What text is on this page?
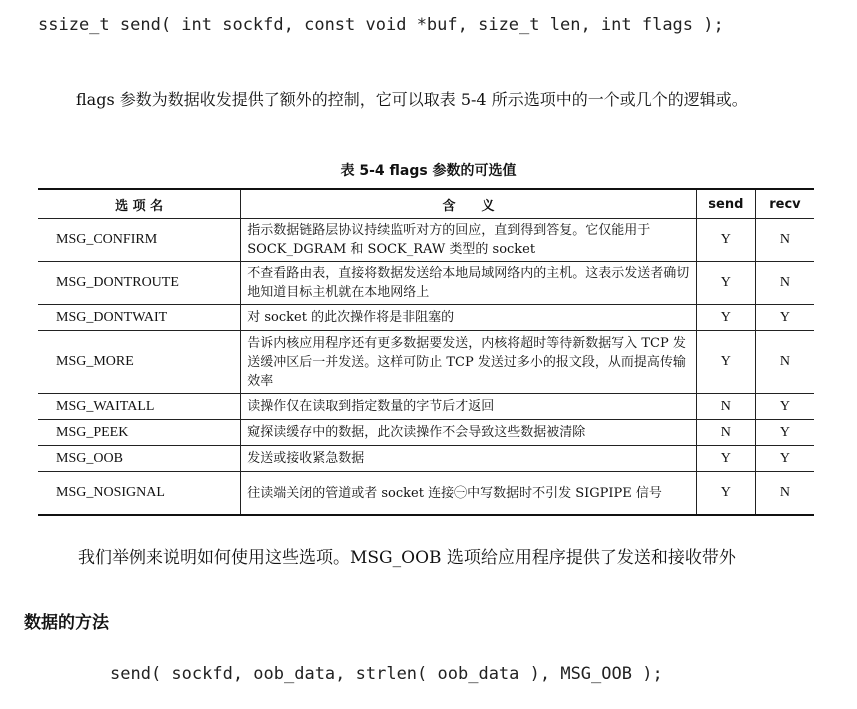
ssize_t send( int sockfd, const void *buf, size_t len, int flags );
flags 参数为数据收发提供了额外的控制，它可以取表 5-4 所示选项中的一个或几个的逻辑或。
表 5-4 flags 参数的可选值
选 项 名	含　　义	send	recv
MSG_CONFIRM	指示数据链路层协议持续监听对方的回应，直到得到答复。它仅能用于 SOCK_DGRAM 和 SOCK_RAW 类型的 socket	Y	N
MSG_DONTROUTE	不查看路由表，直接将数据发送给本地局域网络内的主机。这表示发送者确切地知道目标主机就在本地网络上	Y	N
MSG_DONTWAIT	对 socket 的此次操作将是非阻塞的	Y	Y
MSG_MORE	告诉内核应用程序还有更多数据要发送，内核将超时等待新数据写入 TCP 发送缓冲区后一并发送。这样可防止 TCP 发送过多小的报文段，从而提高传输效率	Y	N
MSG_WAITALL	读操作仅在读取到指定数量的字节后才返回	N	Y
MSG_PEEK	窥探读缓存中的数据，此次读操作不会导致这些数据被清除	N	Y
MSG_OOB	发送或接收紧急数据	Y	Y
MSG_NOSIGNAL	往读端关闭的管道或者 socket 连接㊀中写数据时不引发 SIGPIPE 信号	Y	N
我们举例来说明如何使用这些选项。MSG_OOB 选项给应用程序提供了发送和接收带外
数据的方法
send( sockfd, oob_data, strlen( oob_data ), MSG_OOB );
